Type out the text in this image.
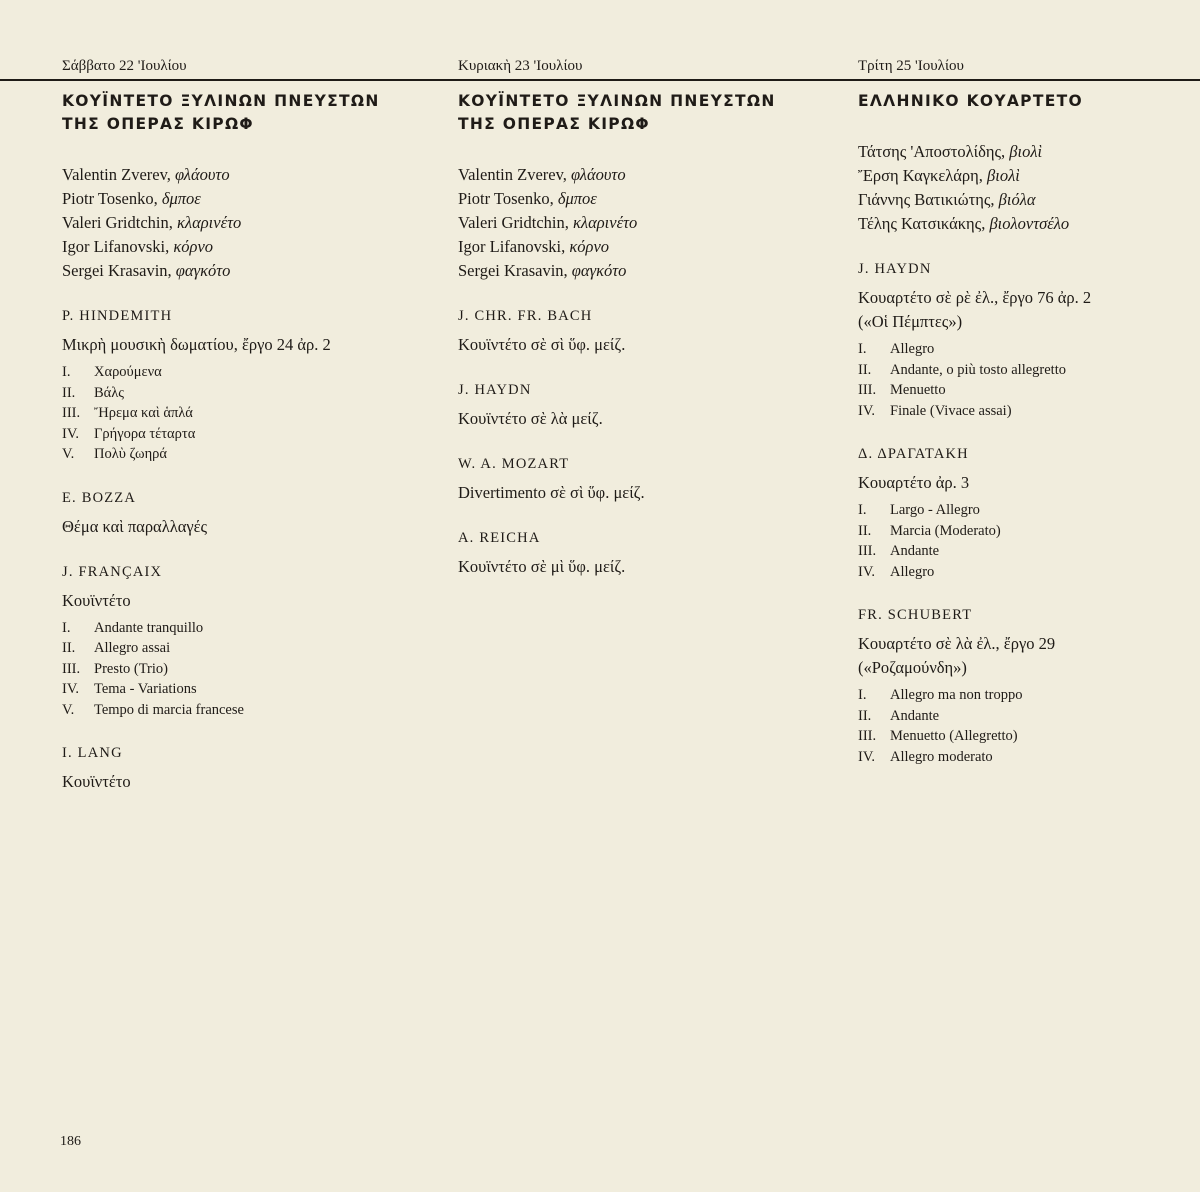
Σάββατο 22 'Ιουλίου	Κυριακὴ 23 'Ιουλίου	Τρίτη 25 'Ιουλίου
ΚΟΥΪΝΤΕΤΟ ΞΥΛΙΝΩΝ ΠΝΕΥΣΤΩΝ
ΤΗΣ ΟΠΕΡΑΣ ΚΙΡΩΦ
Valentin Zverev, φλάουτο
Piotr Tosenko, δμποε
Valeri Gridtchin, κλαρινέτο
Igor Lifanovski, κόρνο
Sergei Krasavin, φαγκότο
P. HINDEMITH
Μικρὴ μουσικὴ δωματίου, ἔργο 24 ἀρ. 2
I. Χαρούμενα
II. Βάλς
III. Ἤρεμα καὶ ἁπλά
IV. Γρήγορα τέταρτα
V. Πολὺ ζωηρά
E. BOZZA
Θέμα καὶ παραλλαγές
J. FRANÇAIX
Κουϊντέτο
I. Andante tranquillo
II. Allegro assai
III. Presto (Trio)
IV. Tema - Variations
V. Tempo di marcia francese
I. LANG
Κουϊντέτο
ΚΟΥΪΝΤΕΤΟ ΞΥΛΙΝΩΝ ΠΝΕΥΣΤΩΝ
ΤΗΣ ΟΠΕΡΑΣ ΚΙΡΩΦ
Valentin Zverev, φλάουτο
Piotr Tosenko, δμποε
Valeri Gridtchin, κλαρινέτο
Igor Lifanovski, κόρνο
Sergei Krasavin, φαγκότο
J. CHR. FR. BACH
Κουϊντέτο σὲ σὶ ὕφ. μείζ.
J. HAYDN
Κουϊντέτο σὲ λὰ μείζ.
W. A. MOZART
Divertimento σὲ σὶ ὕφ. μείζ.
A. REICHA
Κουϊντέτο σὲ μὶ ὕφ. μείζ.
ΕΛΛΗΝΙΚΟ ΚΟΥΑΡΤΕΤΟ
Τάτσης 'Αποστολίδης, βιολὶ
Ἔρση Καγκελάρη, βιολὶ
Γιάννης Βατικιώτης, βιόλα
Τέλης Κατσικάκης, βιολοντσέλο
J. HAYDN
Κουαρτέτο σὲ ρὲ ἐλ., ἔργο 76 ἀρ. 2
(«Οἱ Πέμπτες»)
I. Allegro
II. Andante, o più tosto allegretto
III. Menuetto
IV. Finale (Vivace assai)
Δ. ΔΡΑΓΑΤΑΚΗ
Κουαρτέτο ἀρ. 3
I. Largo - Allegro
II. Marcia (Moderato)
III. Andante
IV. Allegro
FR. SCHUBERT
Κουαρτέτο σὲ λὰ ἐλ., ἔργο 29
(«Ροζαμούνδη»)
I. Allegro ma non troppo
II. Andante
III. Menuetto (Allegretto)
IV. Allegro moderato
186
